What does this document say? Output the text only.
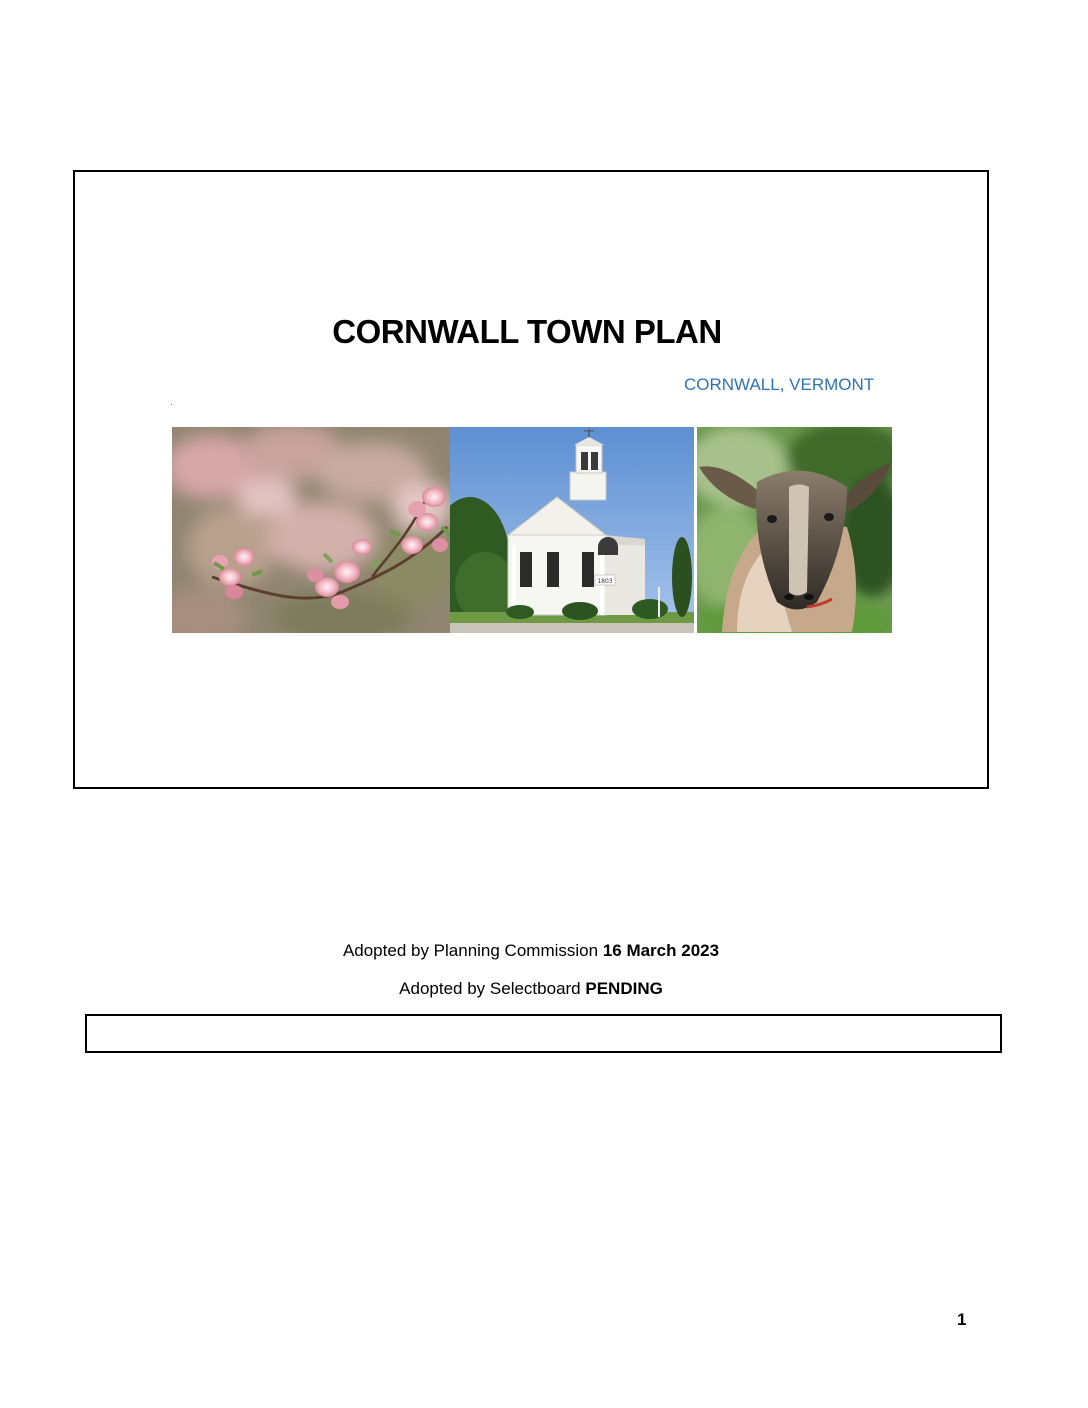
CORNWALL TOWN PLAN
CORNWALL, VERMONT
.
1803
Adopted by Planning Commission 16 March 2023
Adopted by Selectboard PENDING
1
